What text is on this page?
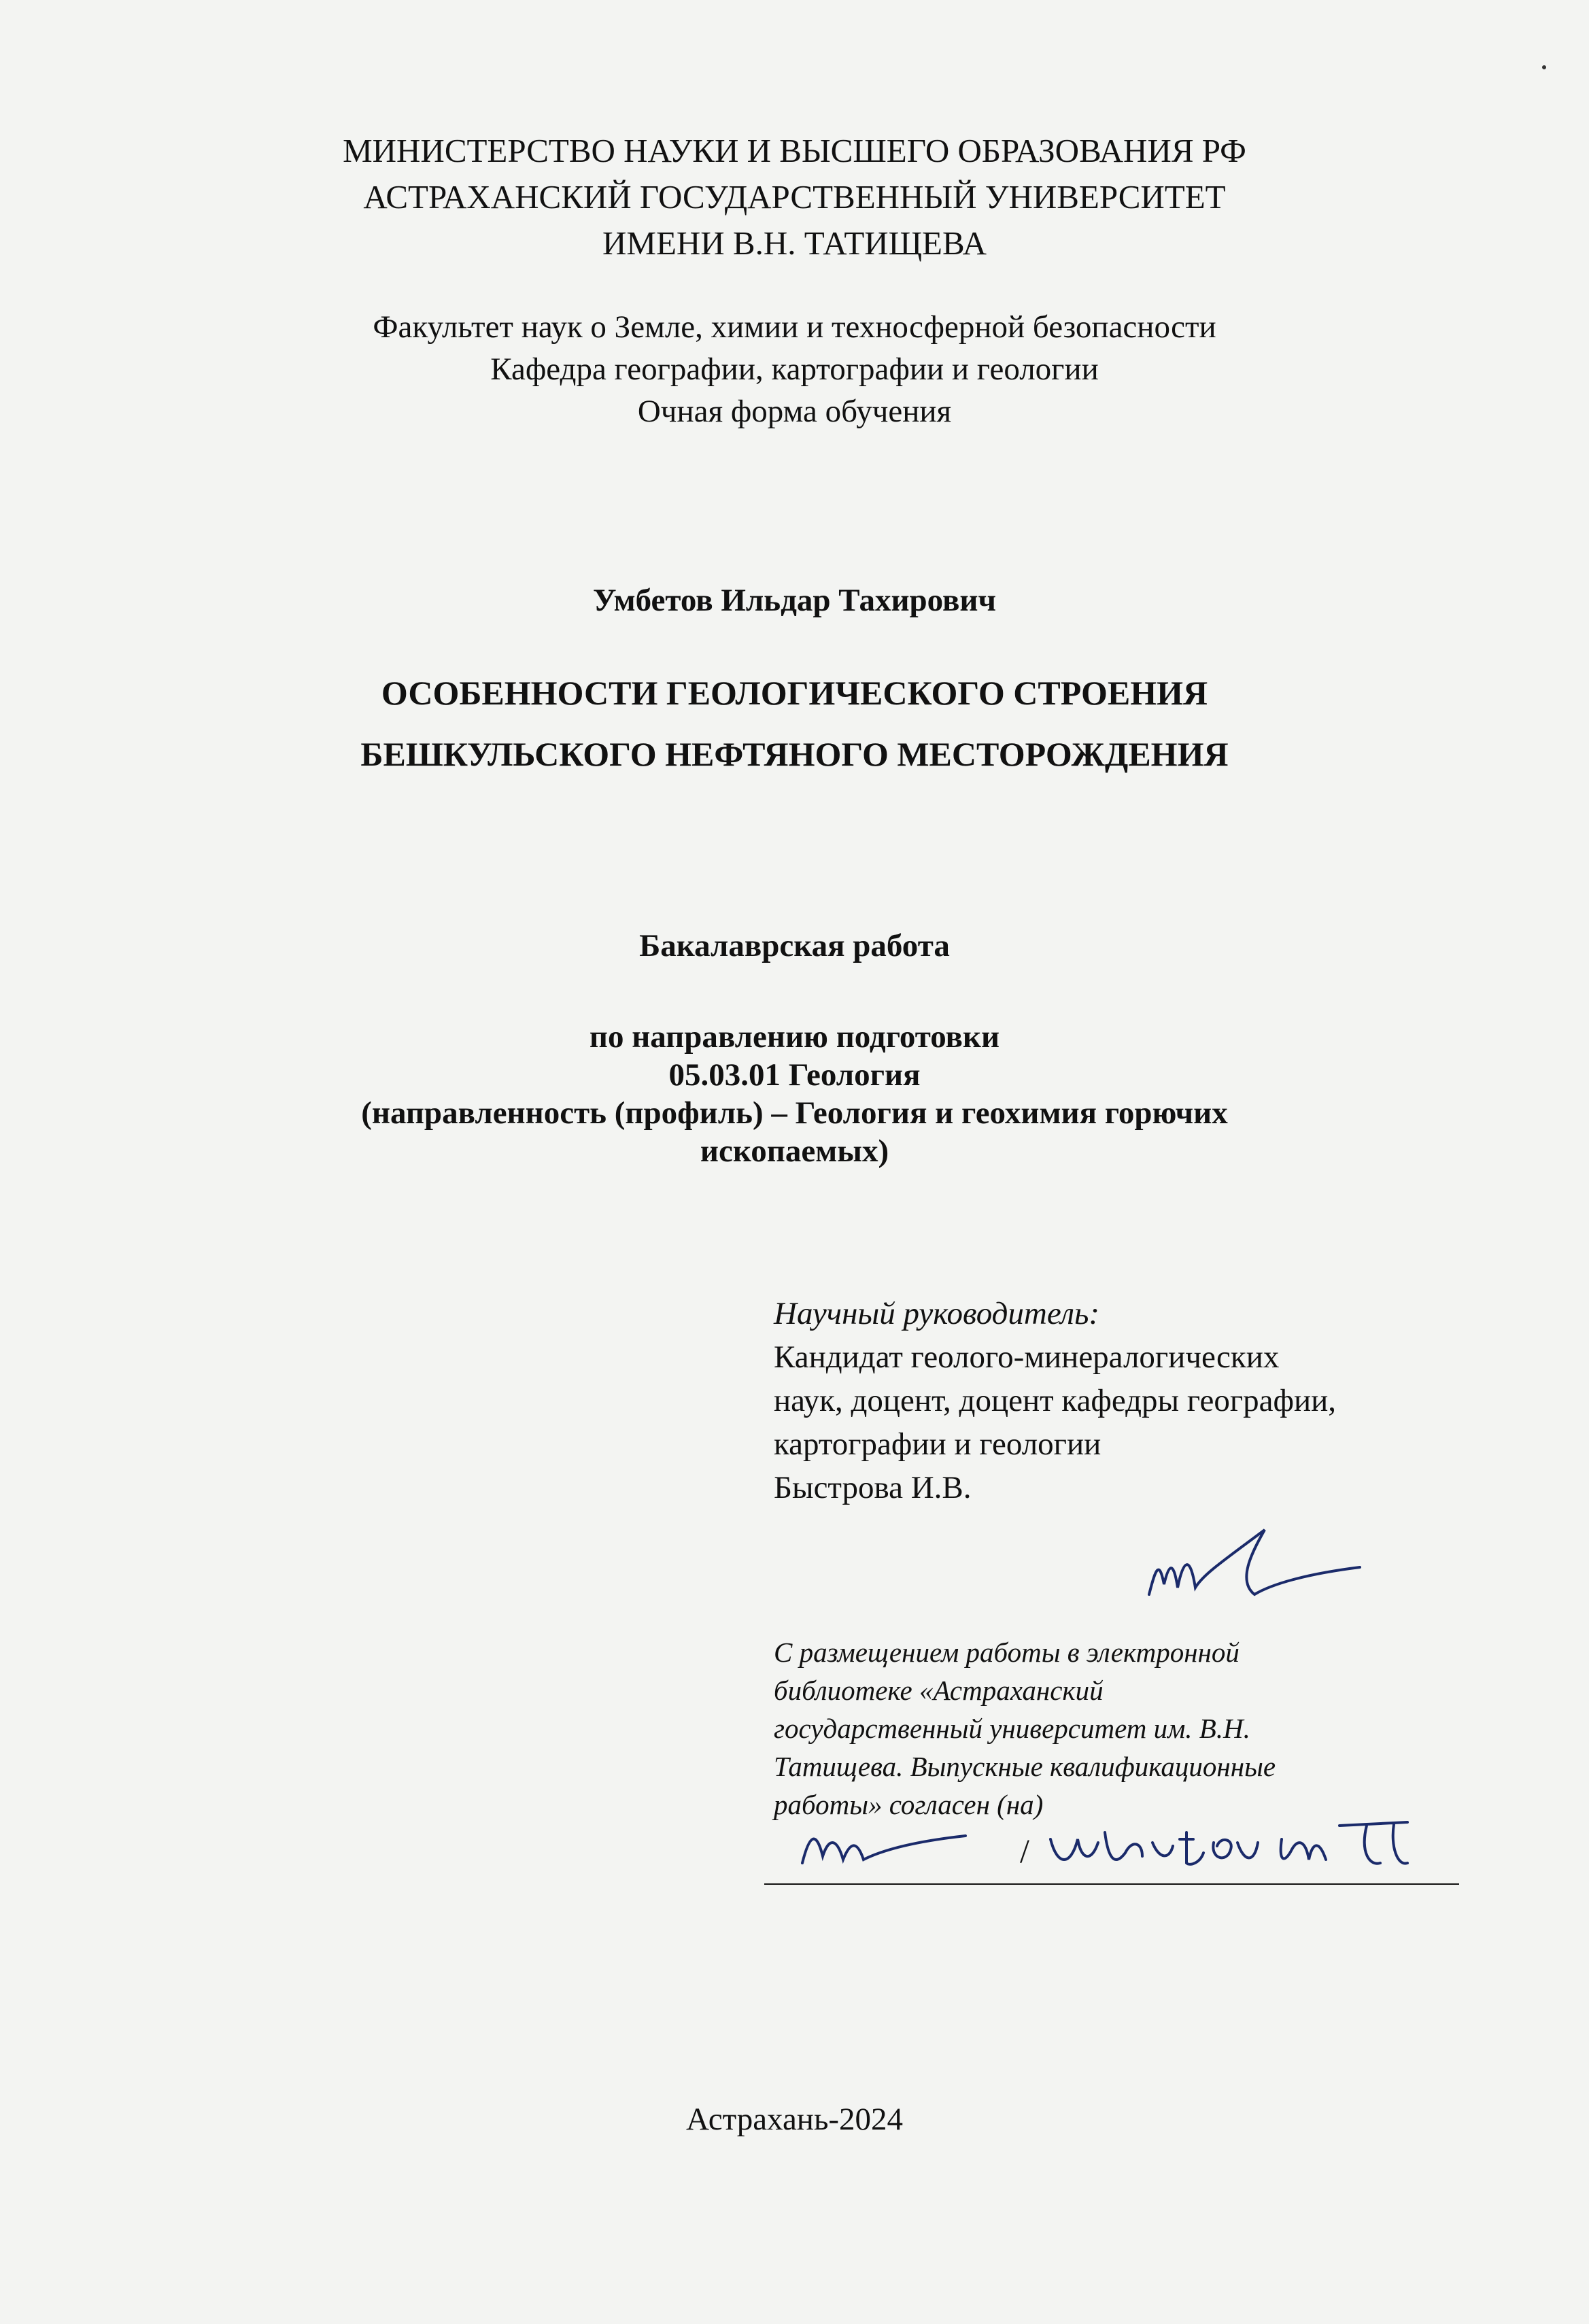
МИНИСТЕРСТВО НАУКИ И ВЫСШЕГО ОБРАЗОВАНИЯ РФ
АСТРАХАНСКИЙ ГОСУДАРСТВЕННЫЙ УНИВЕРСИТЕТ
ИМЕНИ В.Н. ТАТИЩЕВА
Факультет наук о Земле, химии и техносферной безопасности
Кафедра географии, картографии и геологии
Очная форма обучения
Умбетов Ильдар Тахирович
ОСОБЕННОСТИ ГЕОЛОГИЧЕСКОГО СТРОЕНИЯ
БЕШКУЛЬСКОГО НЕФТЯНОГО МЕСТОРОЖДЕНИЯ
Бакалаврская работа
по направлению подготовки
05.03.01 Геология
(направленность (профиль) – Геология и геохимия горючих
ископаемых)
Научный руководитель:
Кандидат геолого-минералогических
наук, доцент, доцент кафедры географии,
картографии и геологии
Быстрова И.В.
С размещением работы в электронной
библиотеке «Астраханский
государственный университет им. В.Н.
Татищева. Выпускные квалификационные
работы» согласен (на)
/
Астрахань-2024
